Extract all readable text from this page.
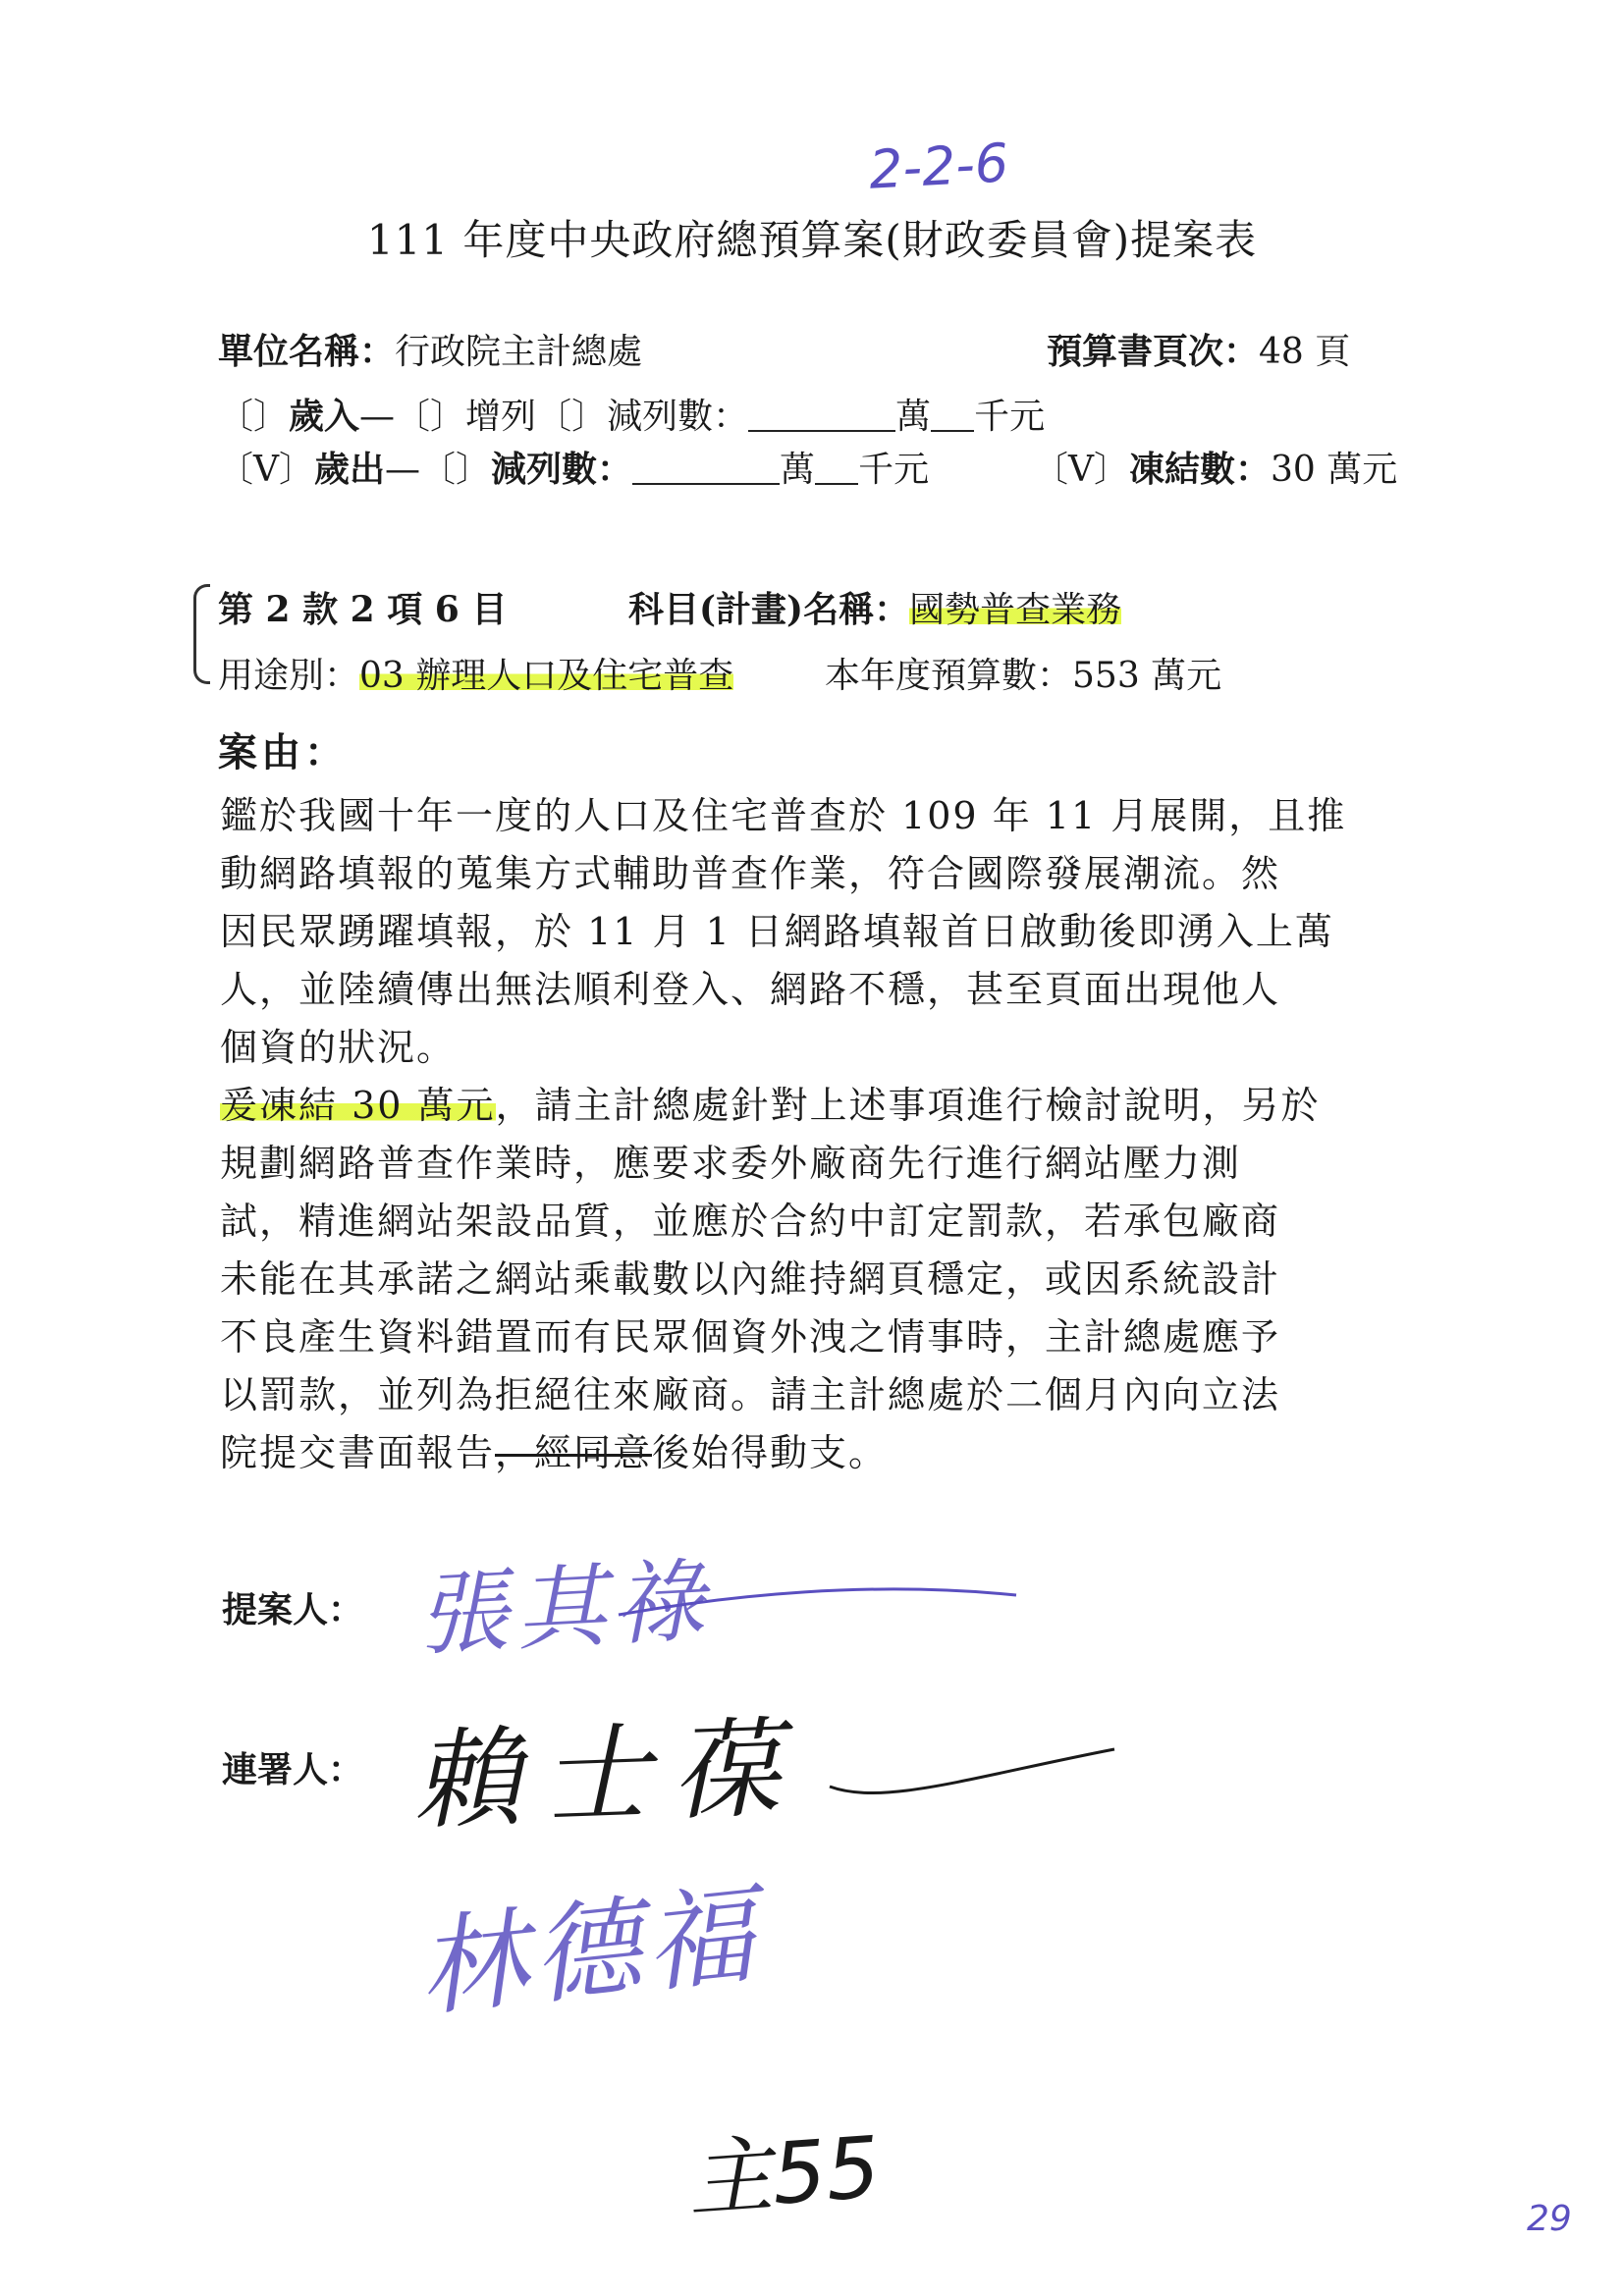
2-2-6
111 年度中央政府總預算案(財政委員會)提案表
單位名稱：行政院主計總處	預算書頁次：48 頁
〔〕歲入—〔〕增列〔〕減列數：	萬 千元
〔V〕歲出—〔〕減列數：	萬 千元	〔V〕凍結數：30 萬元
第 2 款 2 項 6 目	科目(計畫)名稱：國勢普查業務
用途別：03 辦理人口及住宅普查	本年度預算數：553 萬元
案由：
鑑於我國十年一度的人口及住宅普查於 109 年 11 月展開，且推
動網路填報的蒐集方式輔助普查作業，符合國際發展潮流。然
因民眾踴躍填報，於 11 月 1 日網路填報首日啟動後即湧入上萬
人，並陸續傳出無法順利登入、網路不穩，甚至頁面出現他人
個資的狀況。
爰凍結 30 萬元，請主計總處針對上述事項進行檢討說明，另於
規劃網路普查作業時，應要求委外廠商先行進行網站壓力測
試，精進網站架設品質，並應於合約中訂定罰款，若承包廠商
未能在其承諾之網站乘載數以內維持網頁穩定，或因系統設計
不良產生資料錯置而有民眾個資外洩之情事時，主計總處應予
以罰款，並列為拒絕往來廠商。請主計總處於二個月內向立法
院提交書面報告，經同意後始得動支。
提案人： 張其祿
連署人： 賴士葆
林德福
主55	29
